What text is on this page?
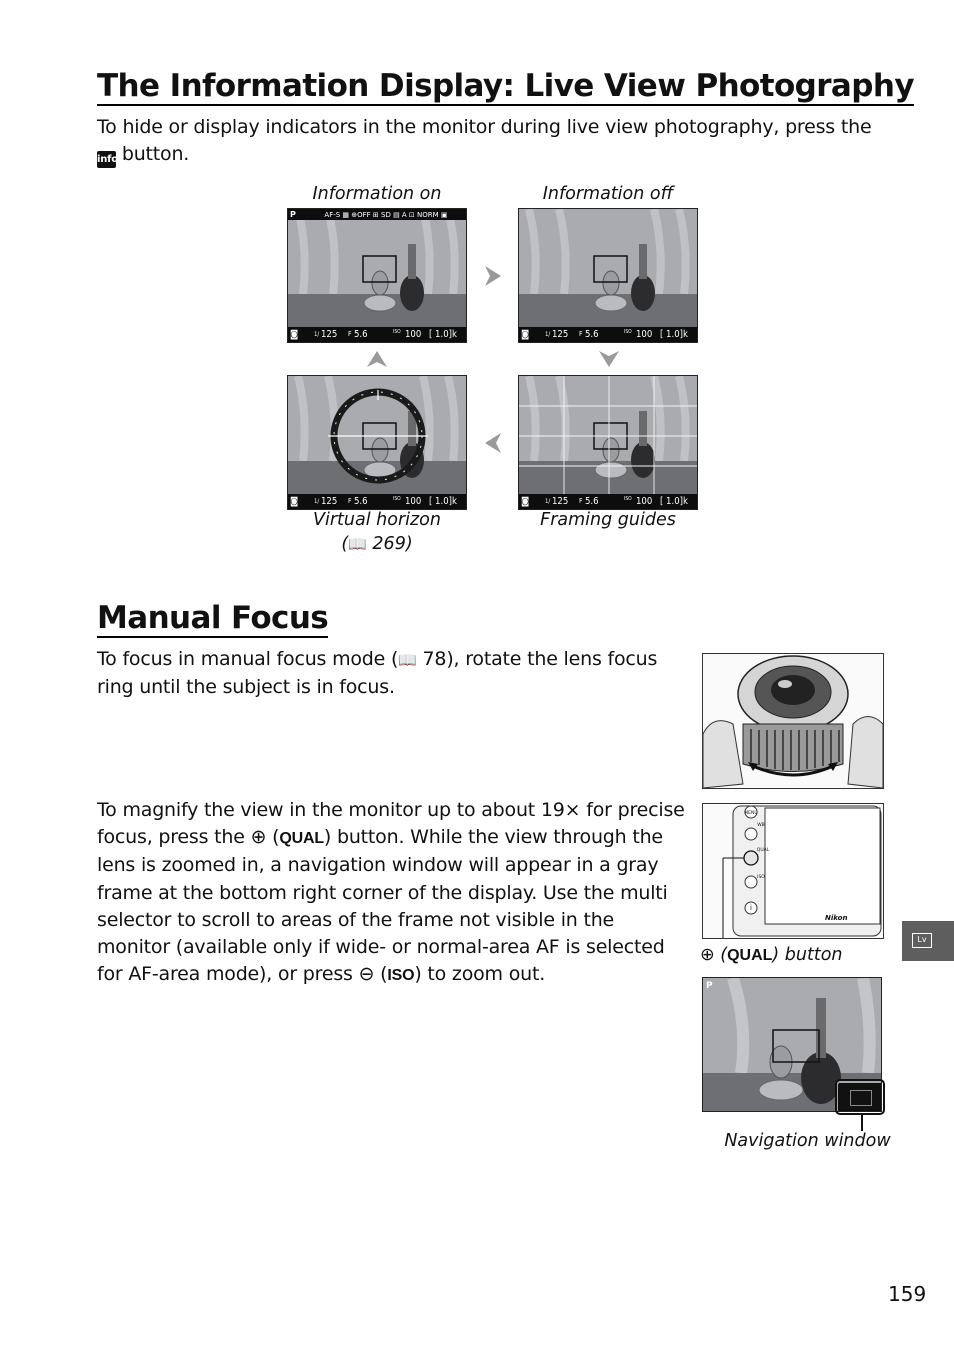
The Information Display: Live View Photography

To hide or display indicators in the monitor during live view photography, press the
info button.

Information on	Information off
P	AF-S ▦ ⊕OFF ⊞ SD ▤ A ⊡ NORM ▣
◙	1/ 125 F 5.6	ISO 100 [ 1.0]k	◙	1/ 125 F 5.6	ISO 100 [ 1.0]k
◙	1/ 125 F 5.6	ISO 100 [ 1.0]k	◙	1/ 125 F 5.6	ISO 100 [ 1.0]k
Virtual horizon
(📖 269)
Framing guides
Manual Focus

To focus in manual focus mode (📖 78), rotate the lens focus ring until the subject is in focus.

To magnify the view in the monitor up to about 19× for precise focus, press the ⊕ (QUAL) button. While the view through the lens is zoomed in, a navigation window will appear in a gray frame at the bottom right corner of the display. Use the multi selector to scroll to areas of the frame not visible in the monitor (available only if wide- or normal-area AF is selected for AF-area mode), or press ⊖ (ISO) to zoom out.

Nikon
MENU
WB
QUAL
ISO
i
⊕ (QUAL) button
P
Navigation window
Lv
159
